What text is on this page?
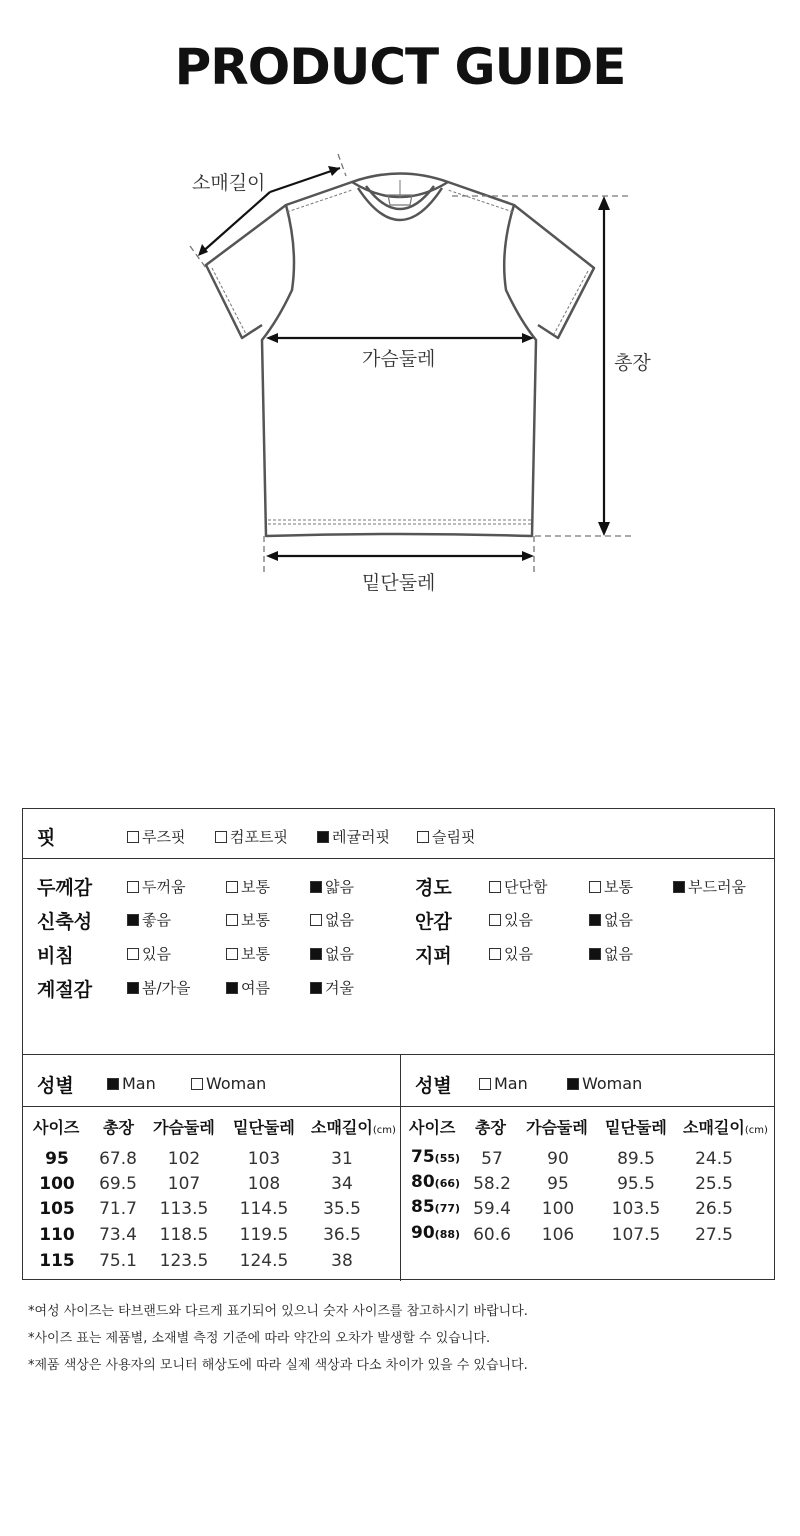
PRODUCT GUIDE
소매길이
가슴둘레	총장
밑단둘레
핏	루즈핏	컴포트핏	레귤러핏	슬림핏
두께감	두꺼움	보통	얇음
신축성	좋음	보통	없음
비침	있음	보통	없음
계절감	봄/가을	여름	겨울
경도	단단함	보통	부드러움
안감	있음	없음
지퍼	있음	없음
성별	Man	Woman	성별	Man	Woman
사이즈 총장 가슴둘레 밑단둘레 소매길이(cm) 사이즈 총장 가슴둘레 밑단둘레 소매길이(cm)
95	67.8	102	103	31
100	69.5	107	108	34
105	71.7	113.5	114.5	35.5
110	73.4	118.5	119.5	36.5
115	75.1	123.5	124.5	38
75(55)	57	90	89.5	24.5
80(66) 58.2	95	95.5	25.5
85(77) 59.4	100	103.5	26.5
90(88) 60.6	106	107.5	27.5
*여성 사이즈는 타브랜드와 다르게 표기되어 있으니 숫자 사이즈를 참고하시기 바랍니다.
*사이즈 표는 제품별, 소재별 측정 기준에 따라 약간의 오차가 발생할 수 있습니다.
*제품 색상은 사용자의 모니터 해상도에 따라 실제 색상과 다소 차이가 있을 수 있습니다.
